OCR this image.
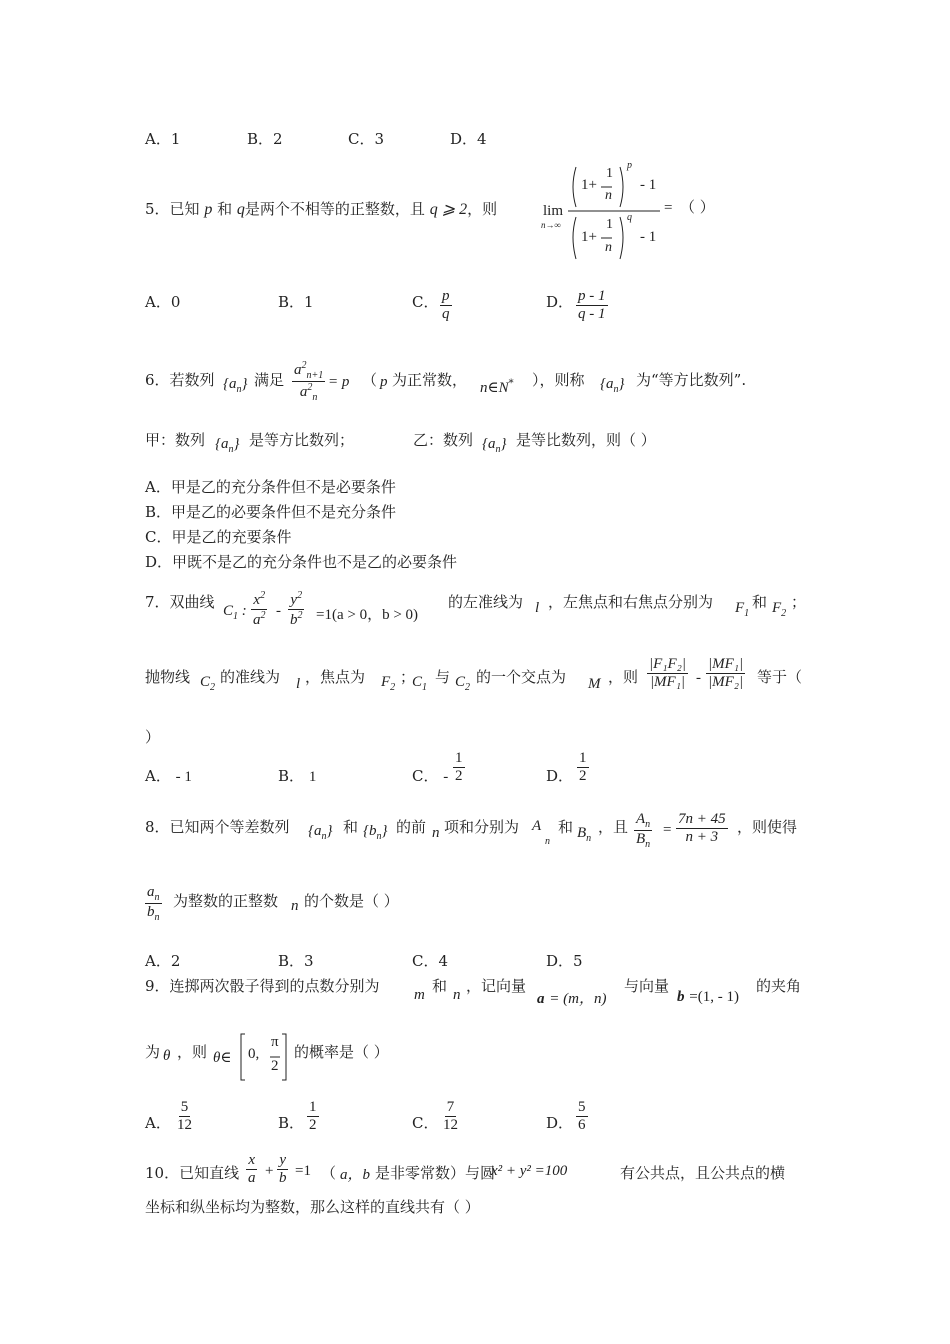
A．1	B．2	C．3	D．4
5．已知 p 和 q是两个不相等的正整数，且 q ⩾ 2，则	lim
n→∞
1+
1
n
p
- 1
1+
1
n
q
- 1
= （ ）
A．0	B．1	C． $\frac{p}{q}$	D． $\frac{p - 1}{q - 1}$
6．若数列 $\{a_n\}$ 满足 $\frac{a^2_{n+1}}{a^2_n} = p$ （ p 为正常数， n∈N* ），则称 $\{a_n\}$ 为“等方比数列”.
甲：数列 $\{a_n\}$ 是等方比数列；	乙：数列 $\{a_n\}$ 是等比数列，则（ ）
A．甲是乙的充分条件但不是必要条件
B．甲是乙的必要条件但不是充分条件
C．甲是乙的充要条件
D．甲既不是乙的充分条件也不是乙的必要条件
7．双曲线 $C_1$ : $\frac{x^2}{a^2} - \frac{y^2}{b^2} =1(a > 0$，b > 0)
的左准线为 l ，左焦点和右焦点分别为 $F_1$
和 $F_2$
；
抛物线 $C_2$
的准线为 l ，焦点为 $F_2$
；
$C_1$
与 $C_2$
的一个交点为 M ，则 $\frac{\text{|F₁F₂|}}{\text{|MF₁|}} - \frac{\text{|MF₁|}}{\text{|MF₂|}}$ 等于（
）
A． - 1	B． 1	C． - $\frac{1}{2}$	D． $\frac{1}{2}$
8．已知两个等差数列 $\{a_n\}$ 和 $\{b_n\}$ 的前 n 项和分别为 A
n
和 $B_n$
，且 $\frac{A_n}{B_n} = \frac{7n + 45}{n + 3}$ ，则使得
$\frac{a_n}{b_n}$ 为整数的正整数 n 的个数是（ ）
A．2	B．3	C．4	D．5
9．连掷两次骰子得到的点数分别为 m 和 n ，记向量
a = (m，n)
与向量
b =(1, - 1)
的夹角
为 θ ，则 θ∈ 0,
π
2
的概率是（ ）
A． $\frac{5}{12}$	B． $\frac{1}{2}$	C． $\frac{7}{12}$	D． $\frac{5}{6}$
10．已知直线 $\frac{x}{a} + \frac{y}{b} =1$ （ a，b 是非零常数）与圆
x² + y² =100	有公共点，且公共点的横
坐标和纵坐标均为整数，那么这样的直线共有（ ）
